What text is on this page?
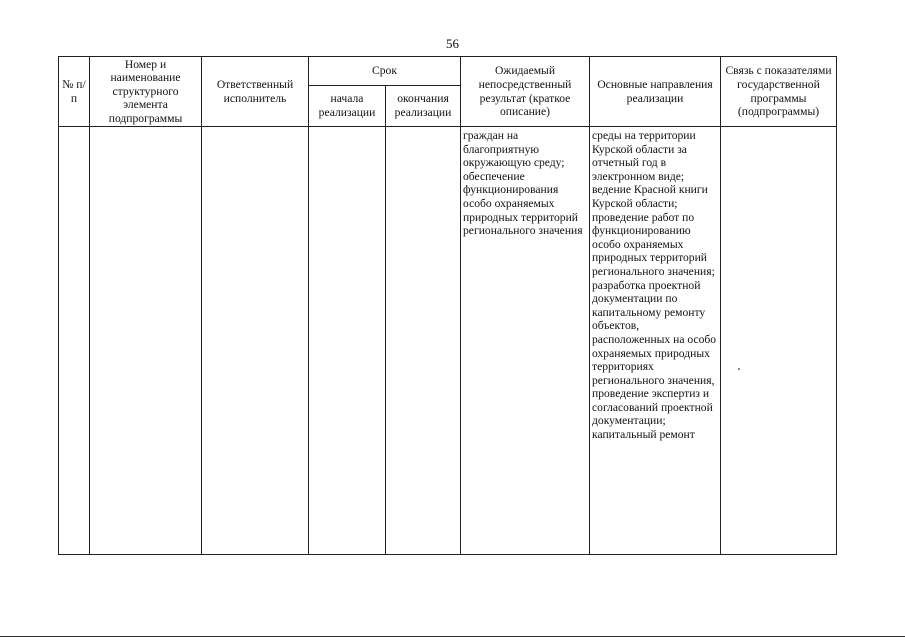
56
№ п/п	Номер и наименование структурного элемента подпрограммы	Ответственный исполнитель	Срок		Ожидаемый непосредственный результат (краткое описание)	Основные направления реализации	Связь с показателями государственной программы (подпрограммы)
			начала реализации	окончания реализации			
					граждан на благоприятную окружающую среду; обеспечение функционирования особо охраняемых природных территорий регионального значения	среды на территории Курской области за отчетный год в электронном виде; ведение Красной книги Курской области; проведение работ по функционированию особо охраняемых природных территорий регионального значения; разработка проектной документации по капитальному ремонту объектов, расположенных на особо охраняемых природных территориях регионального значения, проведение экспертиз и согласований проектной документации; капитальный ремонт	
